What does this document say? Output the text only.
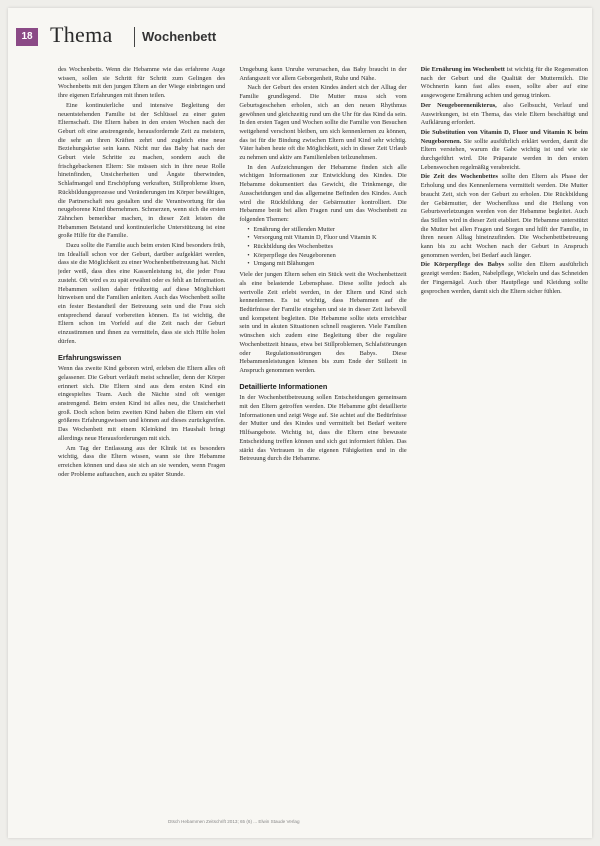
18 Thema Wochenbett

des Wochenbetts. Wenn die Hebamme wie das erfahrene Auge wissen, sollen sie Schritt für Schritt zum Gelingen des Wochenbetts mit den jungen Eltern an der Wiege einbringen und ihre eigenen Erfahrungen mit ihnen teilen.

Eine kontinuierliche und intensive Begleitung der neuentstehenden Familie ist der Schlüssel zu einer guten Elternschaft. Die Eltern haben in den ersten Wochen nach der Geburt oft eine anstrengende, herausfordernde Zeit zu meistern, die sehr an ihren Kräften zehrt und zugleich eine neue Beziehungskrise sein kann. Nicht nur das Baby hat nach der Geburt viele Schritte zu machen, sondern auch die frischgebackenen Eltern: Sie müssen sich in ihre neue Rolle hineinfinden, Unsicherheiten und Ängste überwinden, Schlafmangel und Erschöpfung verkraften, Stillprobleme lösen, Rückbildungsprozesse und Veränderungen im Körper bewältigen, die Partnerschaft neu gestalten und die Verantwortung für das neugeborene Kind übernehmen. Schmerzen, wenn sich die ersten Zähnchen bemerkbar machen, in dieser Zeit leisten die Hebammen Beistand und kontinuierliche Unterstützung ist eine große Hilfe für die Familie.

Dazu sollte die Familie auch beim ersten Kind besonders früh, im Idealfall schon vor der Geburt, darüber aufgeklärt werden, dass sie die Möglichkeit zu einer Wochenbettbetreuung hat. Nicht jeder weiß, dass dies eine Kassenleistung ist, die jeder Frau zusteht. Oft wird es zu spät erwähnt oder es fehlt an Information. Hebammen sollten daher frühzeitig auf diese Möglichkeit hinweisen und die Familien anleiten. Auch das Wochenbett sollte ein fester Bestandteil der Betreuung sein und die Frau sich entsprechend darauf vorbereiten können. Es ist wichtig, die Eltern schon im Vorfeld auf die Zeit nach der Geburt einzustimmen und ihnen zu vermitteln, dass sie sich Hilfe holen dürfen.

Erfahrungswissen

Wenn das zweite Kind geboren wird, erleben die Eltern alles oft gelassener. Die Geburt verläuft meist schneller, denn der Körper erinnert sich. Die Eltern sind aus dem ersten Kind ein eingespieltes Team. Auch die Nächte sind oft weniger anstrengend. Beim ersten Kind ist alles neu, die Unsicherheit groß. Doch schon beim zweiten Kind haben die Eltern ein viel größeres Erfahrungswissen und können auf dieses zurückgreifen. Das Wochenbett mit einem Kleinkind im Haushalt bringt allerdings neue Herausforderungen mit sich.

Am Tag der Entlassung aus der Klinik ist es besonders wichtig, dass die Eltern wissen, wann sie ihre Hebamme erreichen können und dass sie sich an sie wenden, wenn Fragen oder Probleme auftauchen, auch zu später Stunde.

Umgebung kann Unruhe verursachen, das Baby braucht in der Anfangszeit vor allem Geborgenheit, Ruhe und Nähe.

Nach der Geburt des ersten Kindes ändert sich der Alltag der Familie grundlegend. Die Mutter muss sich vom Geburtsgeschehen erholen, sich an den neuen Rhythmus gewöhnen und gleichzeitig rund um die Uhr für das Kind da sein. In den ersten Tagen und Wochen sollte die Familie von Besuchen weitgehend verschont bleiben, um sich kennenlernen zu können, das ist für die Bindung zwischen Eltern und Kind sehr wichtig. Väter haben heute oft die Möglichkeit, sich in dieser Zeit Urlaub zu nehmen und aktiv am Familienleben teilzunehmen.

In den Aufzeichnungen der Hebamme finden sich alle wichtigen Informationen zur Entwicklung des Kindes. Die Hebamme dokumentiert das Gewicht, die Trinkmenge, die Ausscheidungen und das allgemeine Befinden des Kindes. Auch wird die Rückbildung der Gebärmutter kontrolliert. Die Hebamme berät bei allen Fragen rund um das Wochenbett zu folgenden Themen:

• Ernährung der stillenden Mutter
• Versorgung mit Vitamin D, Fluor und Vitamin K
• Rückbildung des Wochenbettes
• Körperpflege des Neugeborenen
• Umgang mit Blähungen

Viele der jungen Eltern sehen ein Stück weit die Wochenbettzeit als eine belastende Lebensphase. Diese sollte jedoch als wertvolle Zeit erlebt werden, in der Eltern und Kind sich kennenlernen. Es ist wichtig, dass Hebammen auf die Bedürfnisse der Familie eingehen und sie in dieser Zeit liebevoll und kompetent begleiten. Die Hebamme sollte stets erreichbar sein und in akuten Situationen schnell reagieren. Viele Familien wünschen sich zudem eine Begleitung über die reguläre Wochenbettzeit hinaus, etwa bei Stillproblemen, Schlafstörungen oder Regulationsstörungen des Babys. Diese Hebammenleistungen können bis zum Ende der Stillzeit in Anspruch genommen werden.

Detaillierte Informationen

In der Wochenbettbetreuung sollen Entscheidungen gemeinsam mit den Eltern getroffen werden. Die Hebamme gibt detaillierte Informationen und zeigt Wege auf. Sie achtet auf die Bedürfnisse der Mutter und des Kindes und vermittelt bei Bedarf weitere Hilfsangebote. Wichtig ist, dass die Eltern eine bewusste Entscheidung treffen können und sich gut informiert fühlen. Das stärkt das Vertrauen in die eigenen Fähigkeiten und in die Betreuung durch die Hebamme.

Die Ernährung im Wochenbett ist wichtig für die Regeneration nach der Geburt und die Qualität der Muttermilch. Die Wöchnerin kann fast alles essen, sollte aber auf eine ausgewogene Ernährung achten und genug trinken.

Der Neugeborenenikterus, also Gelbsucht, Verlauf und Auswirkungen, ist ein Thema, das viele Eltern beschäftigt und Aufklärung erfordert.

Die Substitution von Vitamin D, Fluor und Vitamin K beim Neugeborenen. Sie sollte ausführlich erklärt werden, damit die Eltern verstehen, warum die Gabe wichtig ist und wie sie durchgeführt wird. Die Präparate werden in den ersten Lebenswochen regelmäßig verabreicht.

Die Zeit des Wochenbettes sollte den Eltern als Phase der Erholung und des Kennenlernens vermittelt werden. Die Mutter braucht Zeit, sich von der Geburt zu erholen. Die Rückbildung der Gebärmutter, der Wochenfluss und die Heilung von Geburtsverletzungen werden von der Hebamme begleitet. Auch das Stillen wird in dieser Zeit etabliert. Die Hebamme unterstützt die Mutter bei allen Fragen und Sorgen und hilft der Familie, in ihren neuen Alltag hineinzufinden. Die Wochenbettbetreuung kann bis zu acht Wochen nach der Geburt in Anspruch genommen werden, bei Bedarf auch länger.

Die Körperpflege des Babys sollte den Eltern ausführlich gezeigt werden: Baden, Nabelpflege, Wickeln und das Schneiden der Fingernägel. Auch über Hautpflege und Kleidung sollte gesprochen werden, damit sich die Eltern sicher fühlen.

Dtsch Hebammen Zeitschrift 2013; 65 (6) ... Elwin Staude Verlag
